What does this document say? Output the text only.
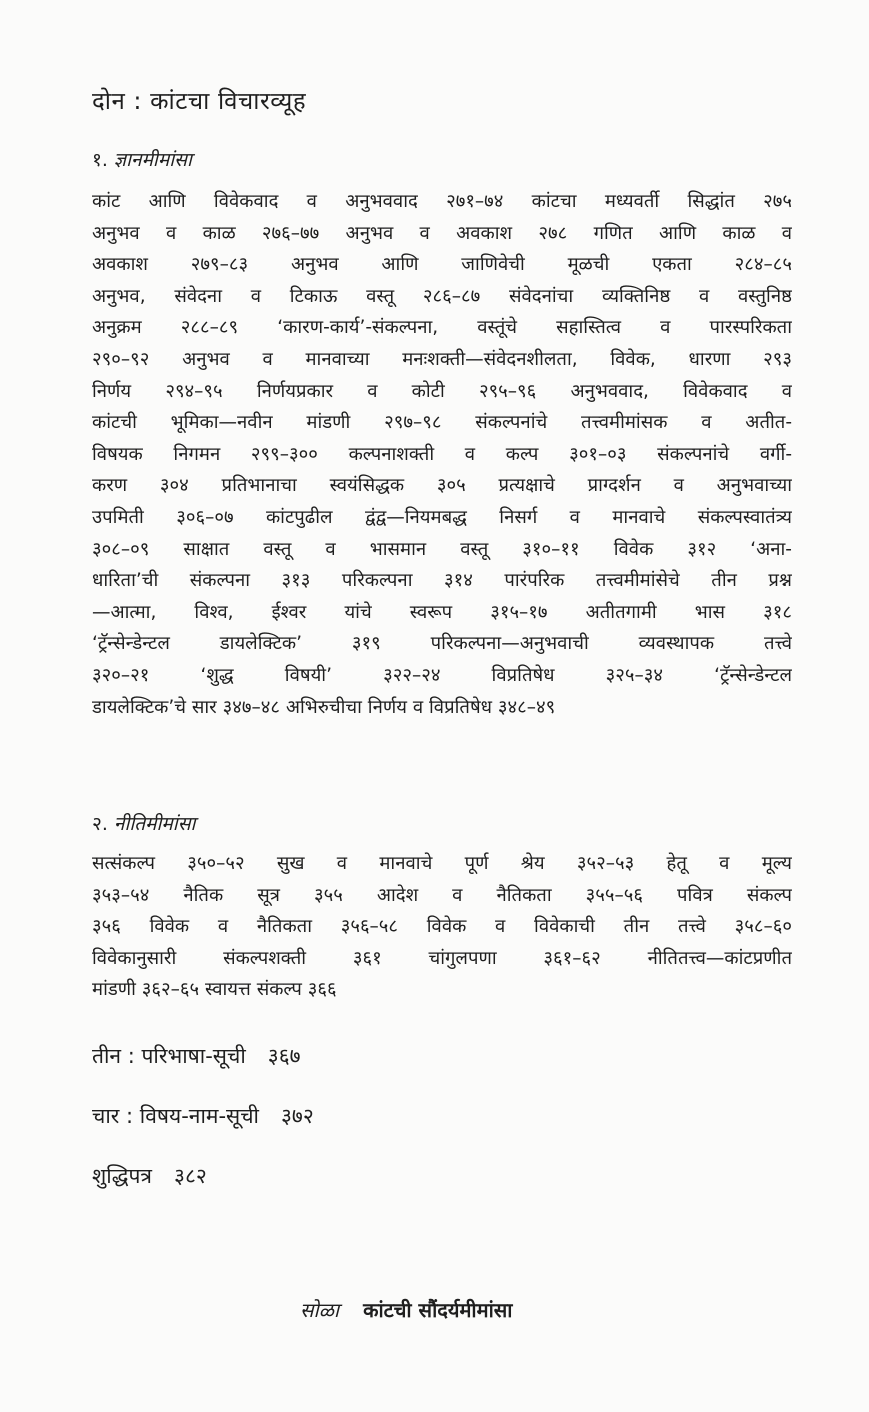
दोन : कांटचा विचारव्यूह
१. ज्ञानमीमांसा
कांट आणि विवेकवाद व अनुभववाद २७१–७४ कांटचा मध्यवर्ती सिद्धांत २७५
अनुभव व काळ २७६–७७ अनुभव व अवकाश २७८ गणित आणि काळ व
अवकाश २७९–८३ अनुभव आणि जाणिवेची मूळची एकता २८४–८५
अनुभव, संवेदना व टिकाऊ वस्तू २८६–८७ संवेदनांचा व्यक्तिनिष्ठ व वस्तुनिष्ठ
अनुक्रम २८८–८९ ‘कारण-कार्य’-संकल्पना, वस्तूंचे सहास्तित्व व पारस्परिकता
२९०–९२ अनुभव व मानवाच्या मनःशक्ती—संवेदनशीलता, विवेक, धारणा २९३
निर्णय २९४–९५ निर्णयप्रकार व कोटी २९५–९६ अनुभववाद, विवेकवाद व
कांटची भूमिका—नवीन मांडणी २९७–९८ संकल्पनांचे तत्त्वमीमांसक व अतीत-
विषयक निगमन २९९–३०० कल्पनाशक्ती व कल्प ३०१–०३ संकल्पनांचे वर्गी-
करण ३०४ प्रतिभानाचा स्वयंसिद्धक ३०५ प्रत्यक्षाचे प्राग्दर्शन व अनुभवाच्या
उपमिती ३०६–०७ कांटपुढील द्वंद्व—नियमबद्ध निसर्ग व मानवाचे संकल्पस्वातंत्र्य
३०८–०९ साक्षात वस्तू व भासमान वस्तू ३१०–११ विवेक ३१२ ‘अना-
धारिता’ची संकल्पना ३१३ परिकल्पना ३१४ पारंपरिक तत्त्वमीमांसेचे तीन प्रश्न
—आत्मा, विश्व, ईश्वर यांचे स्वरूप ३१५–१७ अतीतगामी भास ३१८
‘ट्रॅन्सेन्डेन्टल डायलेक्टिक’ ३१९ परिकल्पना—अनुभवाची व्यवस्थापक तत्त्वे
३२०–२१ ‘शुद्ध विषयी’ ३२२–२४ विप्रतिषेध ३२५–३४ ‘ट्रॅन्सेन्डेन्टल
डायलेक्टिक’चे सार ३४७–४८ अभिरुचीचा निर्णय व विप्रतिषेध ३४८–४९
२. नीतिमीमांसा
सत्संकल्प ३५०–५२ सुख व मानवाचे पूर्ण श्रेय ३५२–५३ हेतू व मूल्य
३५३–५४ नैतिक सूत्र ३५५ आदेश व नैतिकता ३५५–५६ पवित्र संकल्प
३५६ विवेक व नैतिकता ३५६–५८ विवेक व विवेकाची तीन तत्त्वे ३५८–६०
विवेकानुसारी संकल्पशक्ती ३६१ चांगुलपणा ३६१–६२ नीतितत्त्व—कांटप्रणीत
मांडणी ३६२–६५ स्वायत्त संकल्प ३६६
तीन : परिभाषा-सूची ३६७
चार : विषय-नाम-सूची ३७२
शुद्धिपत्र ३८२
सोळा कांटची सौंदर्यमीमांसा
